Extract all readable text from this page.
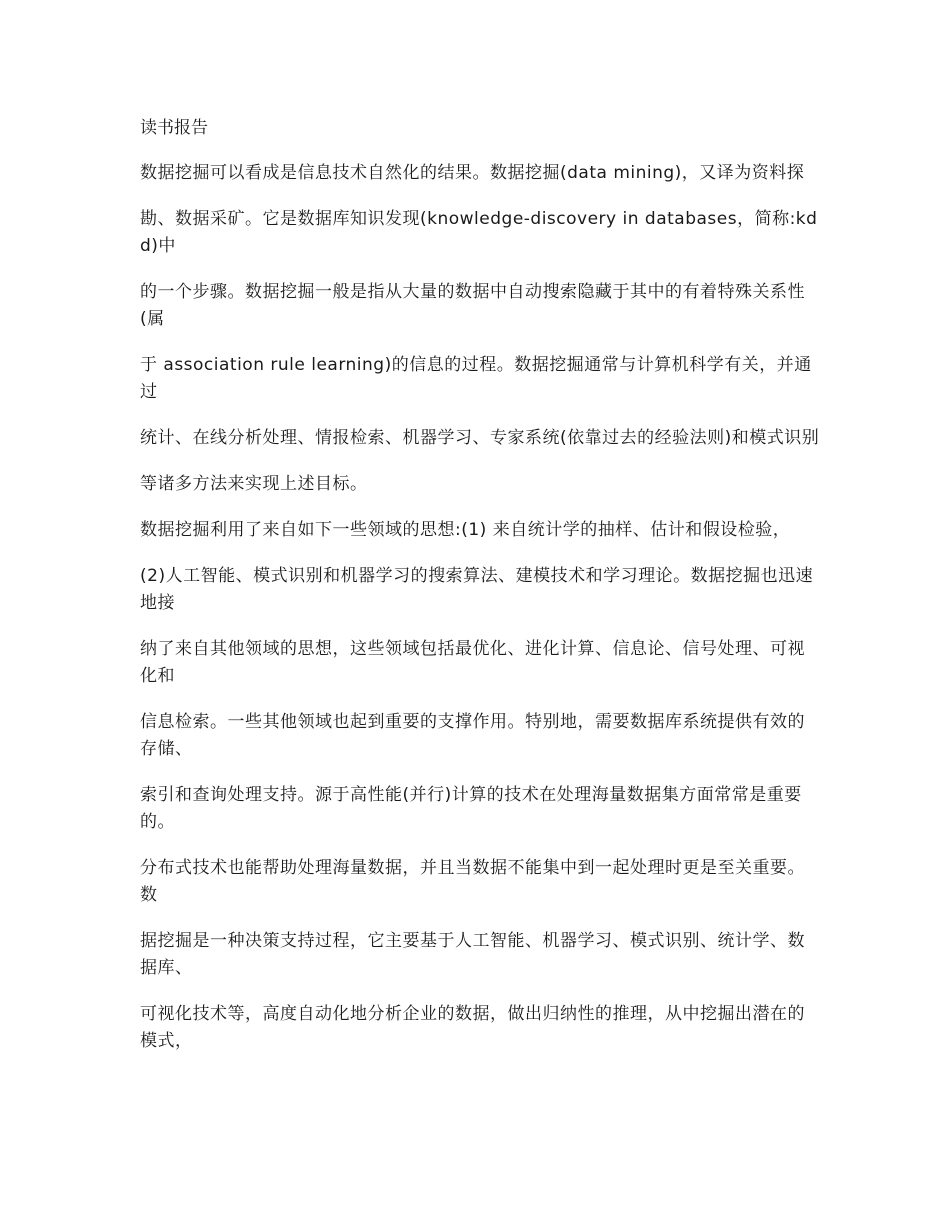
读书报告
数据挖掘可以看成是信息技术自然化的结果。数据挖掘(data mining)，又译为资料探
勘、数据采矿。它是数据库知识发现(knowledge-discovery in databases，简称:kdd)中
的一个步骤。数据挖掘一般是指从大量的数据中自动搜索隐藏于其中的有着特殊关系性(属
于 association rule learning)的信息的过程。数据挖掘通常与计算机科学有关，并通过
统计、在线分析处理、情报检索、机器学习、专家系统(依靠过去的经验法则)和模式识别
等诸多方法来实现上述目标。
数据挖掘利用了来自如下一些领域的思想:(1) 来自统计学的抽样、估计和假设检验，
(2)人工智能、模式识别和机器学习的搜索算法、建模技术和学习理论。数据挖掘也迅速地接
纳了来自其他领域的思想，这些领域包括最优化、进化计算、信息论、信号处理、可视化和
信息检索。一些其他领域也起到重要的支撑作用。特别地，需要数据库系统提供有效的存储、
索引和查询处理支持。源于高性能(并行)计算的技术在处理海量数据集方面常常是重要的。
分布式技术也能帮助处理海量数据，并且当数据不能集中到一起处理时更是至关重要。 数
据挖掘是一种决策支持过程，它主要基于人工智能、机器学习、模式识别、统计学、数据库、
可视化技术等，高度自动化地分析企业的数据，做出归纳性的推理，从中挖掘出潜在的模式，
